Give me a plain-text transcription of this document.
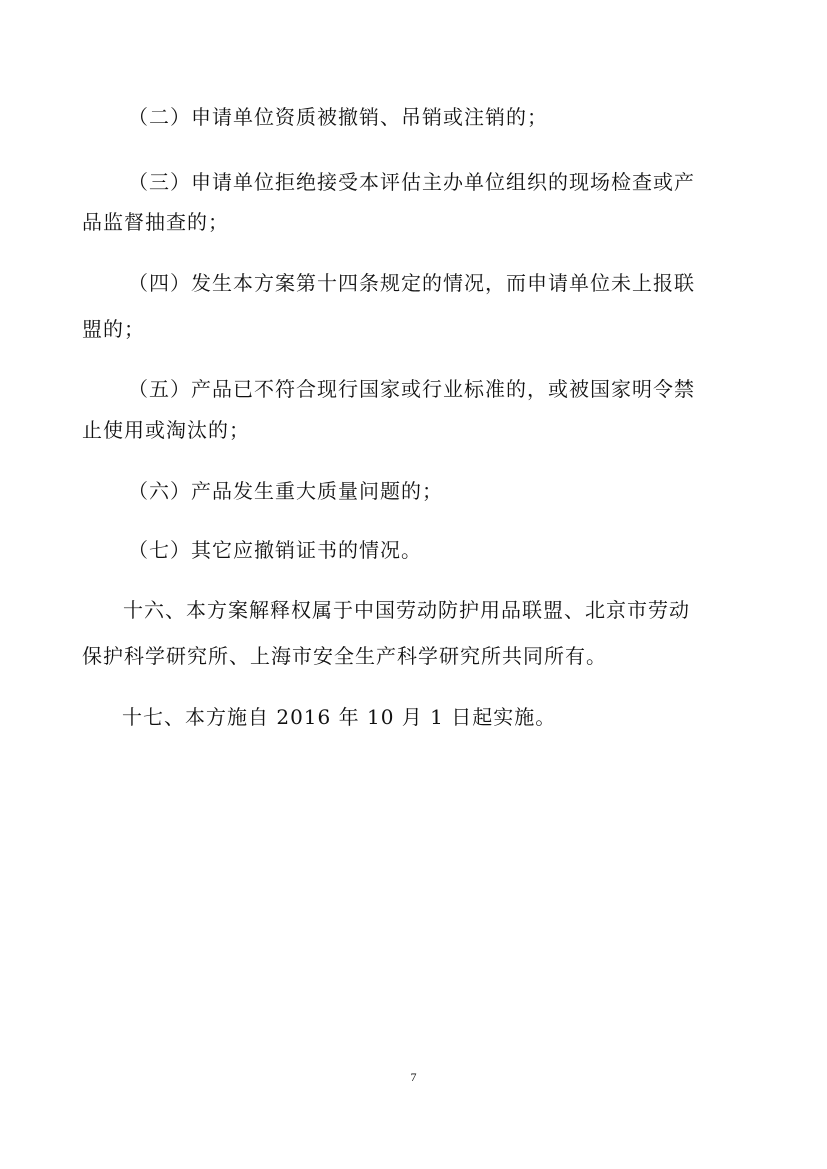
（二）申请单位资质被撤销、吊销或注销的；
（三）申请单位拒绝接受本评估主办单位组织的现场检查或产
品监督抽查的；
（四）发生本方案第十四条规定的情况，而申请单位未上报联
盟的；
（五）产品已不符合现行国家或行业标准的，或被国家明令禁
止使用或淘汰的；
（六）产品发生重大质量问题的；
（七）其它应撤销证书的情况。
十六、本方案解释权属于中国劳动防护用品联盟、北京市劳动
保护科学研究所、上海市安全生产科学研究所共同所有。
十七、本方施自 2016 年 10 月 1 日起实施。
7
